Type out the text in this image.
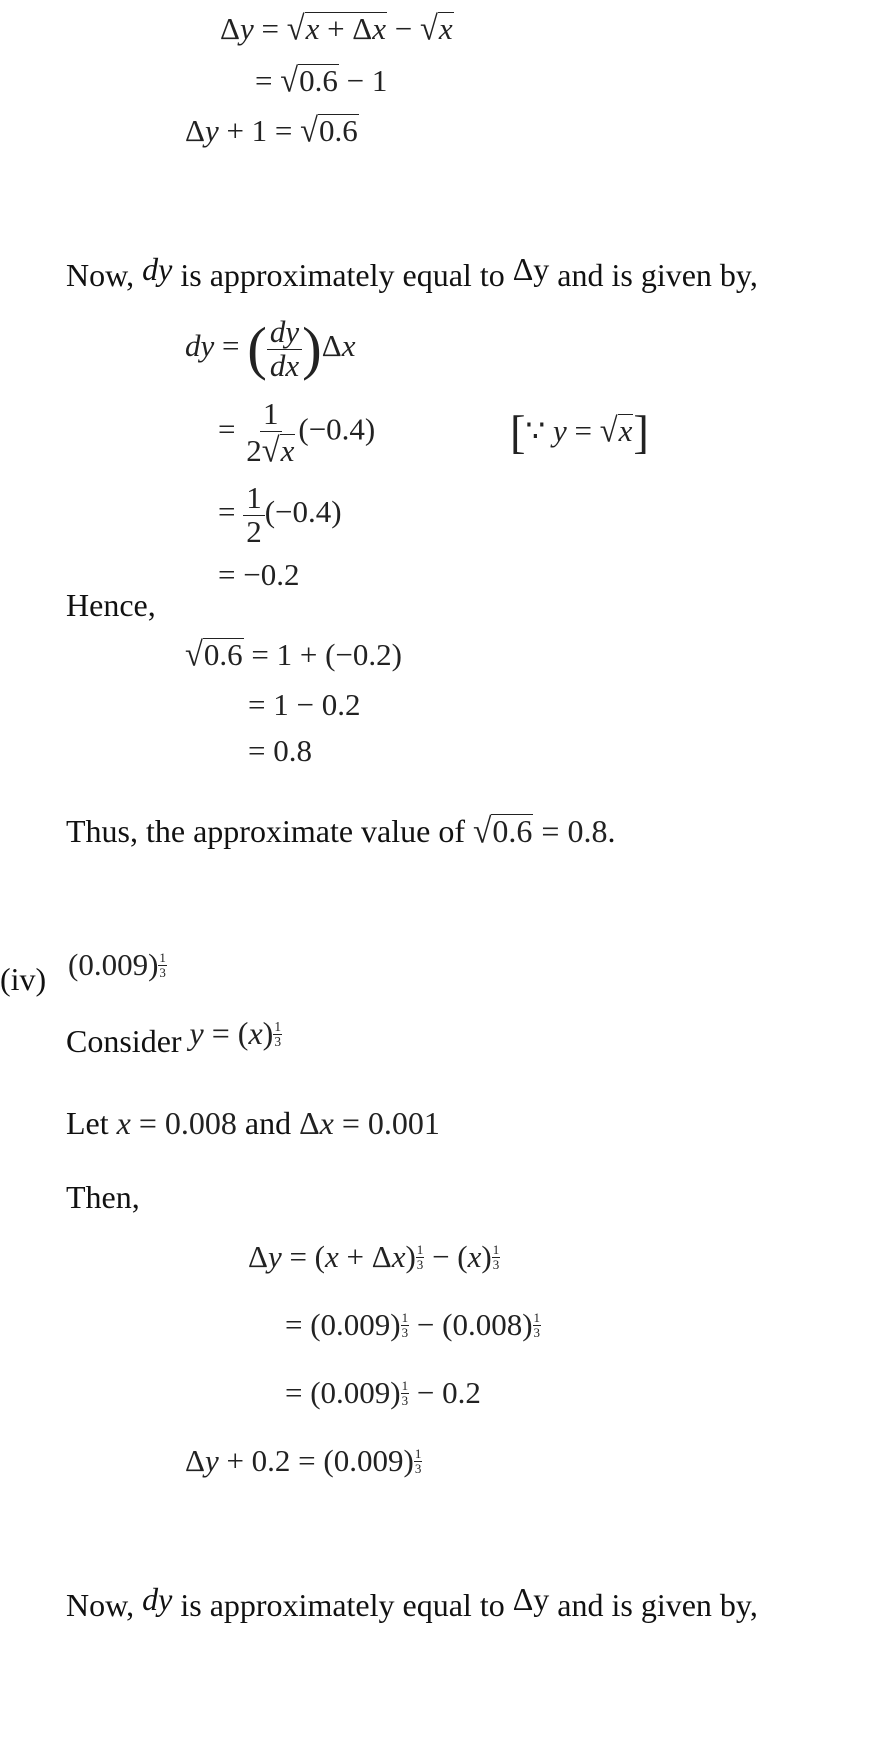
Δy = √x + Δx − √x
= √0.6 − 1
Δy + 1 = √0.6
Now, dy is approximately equal to Δy and is given by,
dy = ( $\frac{dy}{dx} )\Delta x$
= $\frac{1}{2√x} (-0.4)$	[∵ y = √x]
= $\frac{1}{2} (-0.4)$
= −0.2
Hence,
√0.6 = 1 + (−0.2)
= 1 − 0.2
= 0.8
Thus, the approximate value of √0.6 = 0.8.
(iv) $(0.009) \frac{1}{3}$
Consider $y = (x) \frac{1}{3}$
Let x = 0.008 and Δx = 0.001
Then,
$\Delta y = (x + \Delta x) \frac{1}{3} - (x) \frac{1}{3}$
= $(0.009) \frac{1}{3} - (0.008) \frac{1}{3}$
= $(0.009) \frac{1}{3} - 0.2$
$\Delta y + 0.2 = (0.009) \frac{1}{3}$
Now, dy is approximately equal to Δy and is given by,
